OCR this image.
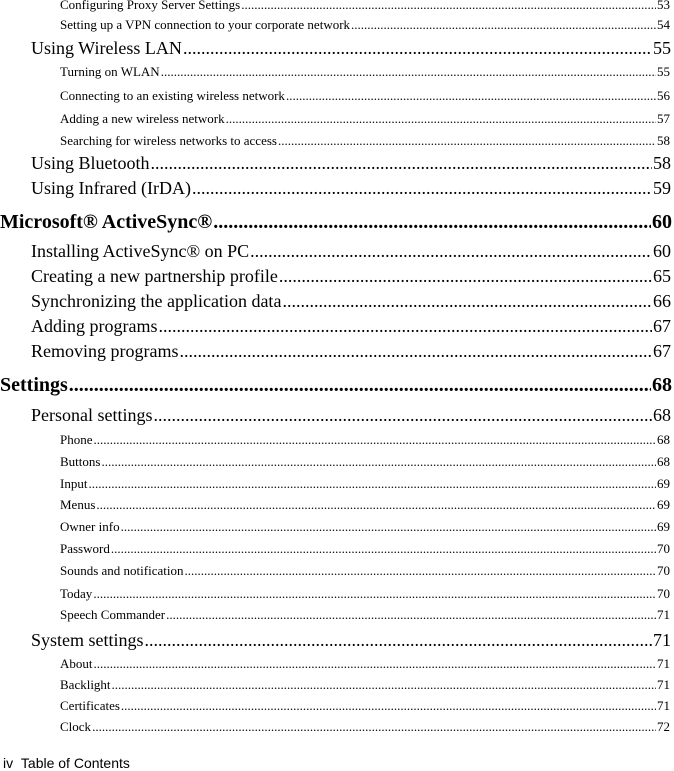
Configuring Proxy Server Settings .....	53
Setting up a VPN connection to your corporate network .....	54
Using Wireless LAN .....	55
Turning on WLAN .....	55
Connecting to an existing wireless network .....	56
Adding a new wireless network .....	57
Searching for wireless networks to access .....	58
Using Bluetooth .....	58
Using Infrared (IrDA) .....	59
Microsoft® ActiveSync® .....	60
Installing ActiveSync® on PC .....	60
Creating a new partnership profile .....	65
Synchronizing the application data .....	66
Adding programs .....	67
Removing programs .....	67
Settings .....	68
Personal settings .....	68
Phone .....	68
Buttons .....	68
Input .....	69
Menus .....	69
Owner info .....	69
Password .....	70
Sounds and notification .....	70
Today .....	70
Speech Commander .....	71
System settings .....	71
About .....	71
Backlight .....	71
Certificates .....	71
Clock .....	72
iv Table of Contents
